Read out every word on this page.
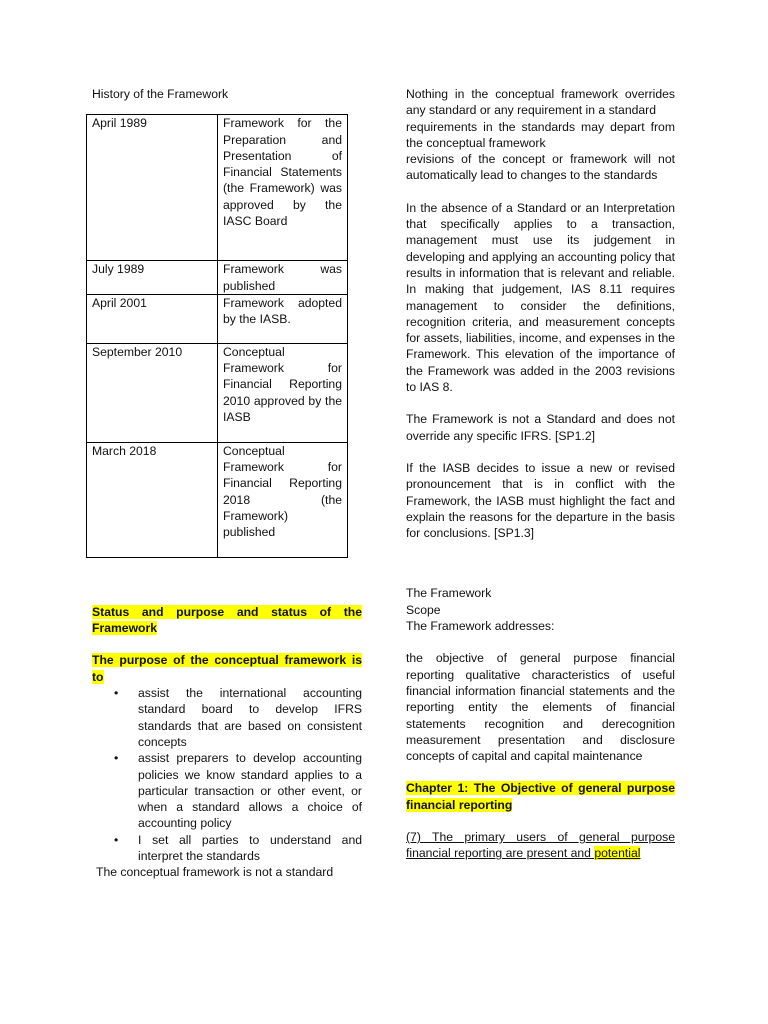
History of the Framework
April 1989	Framework for the Preparation and Presentation of Financial Statements (the Framework) was approved by the IASC Board
July 1989	Framework was published
April 2001	Framework adopted by the IASB.
September 2010	Conceptual Framework for Financial Reporting 2010 approved by the IASB
March 2018	Conceptual Framework for Financial Reporting 2018 (the Framework) published
Status and purpose and status of the Framework
The purpose of the conceptual framework is to
• assist the international accounting standard board to develop IFRS standards that are based on consistent concepts
• assist preparers to develop accounting policies we know standard applies to a particular transaction or other event, or when a standard allows a choice of accounting policy
• I set all parties to understand and interpret the standards
The conceptual framework is not a standard
Nothing in the conceptual framework overrides any standard or any requirement in a standard
requirements in the standards may depart from the conceptual framework
revisions of the concept or framework will not automatically lead to changes to the standards
In the absence of a Standard or an Interpretation that specifically applies to a transaction, management must use its judgement in developing and applying an accounting policy that results in information that is relevant and reliable. In making that judgement, IAS 8.11 requires management to consider the definitions, recognition criteria, and measurement concepts for assets, liabilities, income, and expenses in the Framework. This elevation of the importance of the Framework was added in the 2003 revisions to IAS 8.
The Framework is not a Standard and does not override any specific IFRS. [SP1.2]
If the IASB decides to issue a new or revised pronouncement that is in conflict with the Framework, the IASB must highlight the fact and explain the reasons for the departure in the basis for conclusions. [SP1.3]
The Framework
Scope
The Framework addresses:
the objective of general purpose financial reporting qualitative characteristics of useful financial information financial statements and the reporting entity the elements of financial statements recognition and derecognition measurement presentation and disclosure concepts of capital and capital maintenance
Chapter 1: The Objective of general purpose financial reporting
(7) The primary users of general purpose financial reporting are present and potential
